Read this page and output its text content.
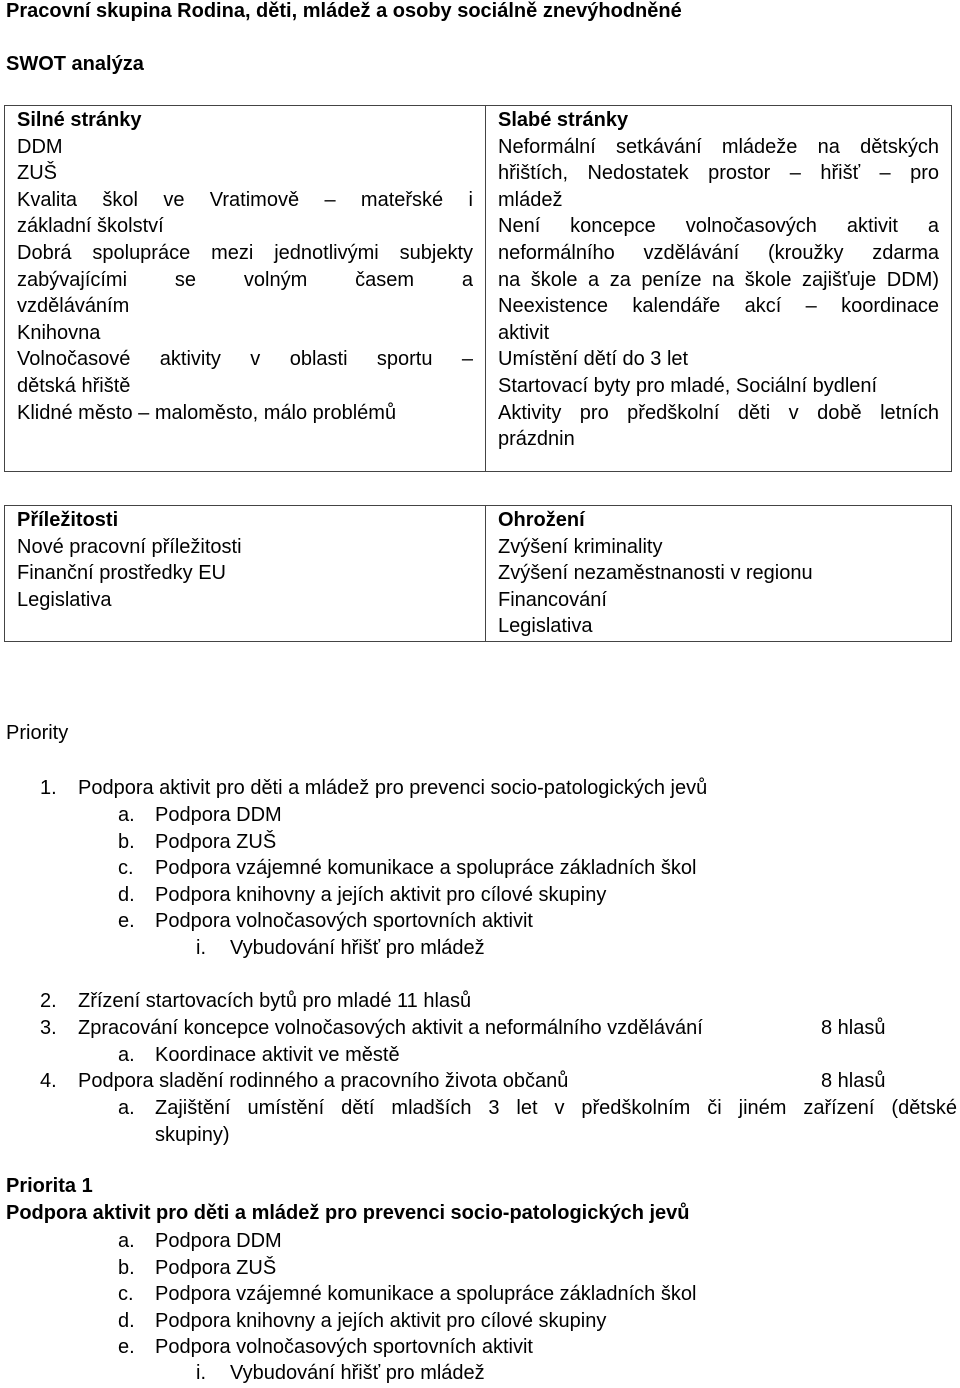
Pracovní skupina Rodina, děti, mládež a osoby sociálně znevýhodněné
SWOT analýza
Silné stránky
DDM
ZUŠ
Kvalita škol ve Vratimově – mateřské i
základní školství
Dobrá spolupráce mezi jednotlivými subjekty
zabývajícími se volným časem a
vzděláváním
Knihovna
Volnočasové aktivity v oblasti sportu –
dětská hřiště
Klidné město – maloměsto, málo problémů

Slabé stránky
Neformální setkávání mládeže na dětských
hřištích, Nedostatek prostor – hřišť – pro
mládež
Není koncepce volnočasových aktivit a
neformálního vzdělávání (kroužky zdarma
na škole a za peníze na škole zajišťuje DDM)
Neexistence kalendáře akcí – koordinace
aktivit
Umístění dětí do 3 let
Startovací byty pro mladé, Sociální bydlení
Aktivity pro předškolní děti v době letních
prázdnin
Příležitosti
Nové pracovní příležitosti
Finanční prostředky EU
Legislativa

Ohrožení
Zvýšení kriminality
Zvýšení nezaměstnanosti v regionu
Financování
Legislativa
Priority
1. Podpora aktivit pro děti a mládež pro prevenci socio-patologických jevů
a. Podpora DDM
b. Podpora ZUŠ
c. Podpora vzájemné komunikace a spolupráce základních škol
d. Podpora knihovny a jejích aktivit pro cílové skupiny
e. Podpora volnočasových sportovních aktivit
i. Vybudování hřišť pro mládež
2. Zřízení startovacích bytů pro mladé 11 hlasů
3. Zpracování koncepce volnočasových aktivit a neformálního vzdělávání	8 hlasů
a. Koordinace aktivit ve městě
4. Podpora sladění rodinného a pracovního života občanů	8 hlasů
a. Zajištění umístění dětí mladších 3 let v předškolním či jiném zařízení (dětské
skupiny)
Priorita 1
Podpora aktivit pro děti a mládež pro prevenci socio-patologických jevů
a. Podpora DDM
b. Podpora ZUŠ
c. Podpora vzájemné komunikace a spolupráce základních škol
d. Podpora knihovny a jejích aktivit pro cílové skupiny
e. Podpora volnočasových sportovních aktivit
i. Vybudování hřišť pro mládež
